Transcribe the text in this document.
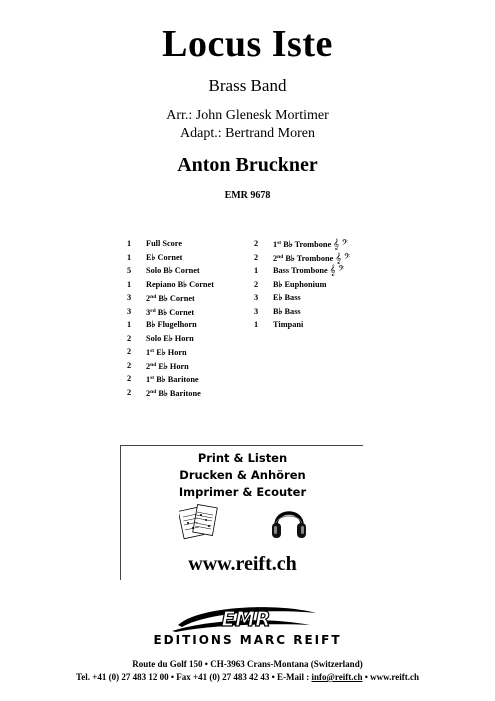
Locus Iste
Brass Band
Arr.: John Glenesk Mortimer
Adapt.: Bertrand Moren
Anton Bruckner
EMR 9678
1 Full Score
1 E♭ Cornet
5 Solo B♭ Cornet
1 Repiano B♭ Cornet
3 2nd B♭ Cornet
3 3rd B♭ Cornet
1 B♭ Flugelhorn
2 Solo E♭ Horn
2 1st E♭ Horn
2 2nd E♭ Horn
2 1st B♭ Baritone
2 2nd B♭ Baritone
2 1st B♭ Trombone 𝄞 𝄢
2 2nd B♭ Trombone 𝄞 𝄢
1 Bass Trombone 𝄞 𝄢
2 B♭ Euphonium
3 E♭ Bass
3 B♭ Bass
1 Timpani
Print & Listen
Drucken & Anhören
Imprimer & Ecouter
www.reift.ch
EMR
EDITIONS MARC REIFT
Route du Golf 150 • CH-3963 Crans-Montana (Switzerland)
Tel. +41 (0) 27 483 12 00 • Fax +41 (0) 27 483 42 43 • E-Mail : info@reift.ch • www.reift.ch
